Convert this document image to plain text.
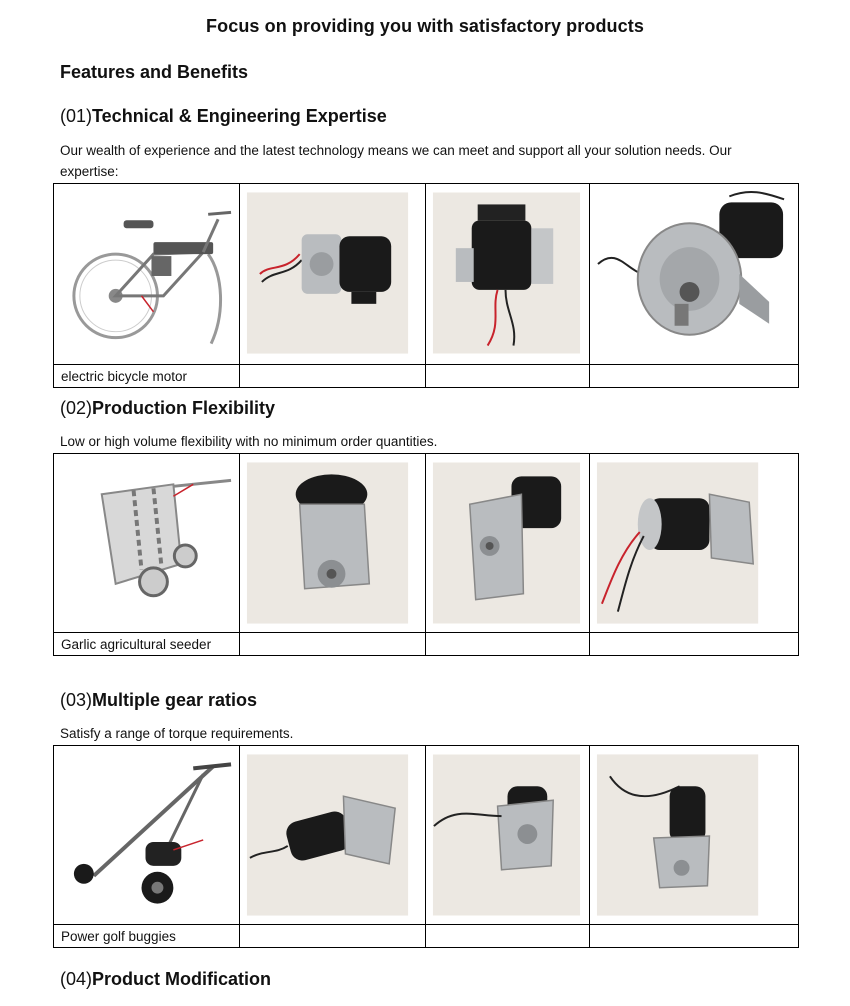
Focus on providing you with satisfactory products
Features and Benefits
(01)Technical & Engineering Expertise
Our wealth of experience and the latest technology means we can meet and support all your solution needs. Our expertise:

electric bicycle motor			
(02)Production Flexibility
Low or high volume flexibility with no minimum order quantities.

Garlic agricultural seeder			
(03)Multiple gear ratios
Satisfy a range of torque requirements.

Power golf buggies			
(04)Product Modification
